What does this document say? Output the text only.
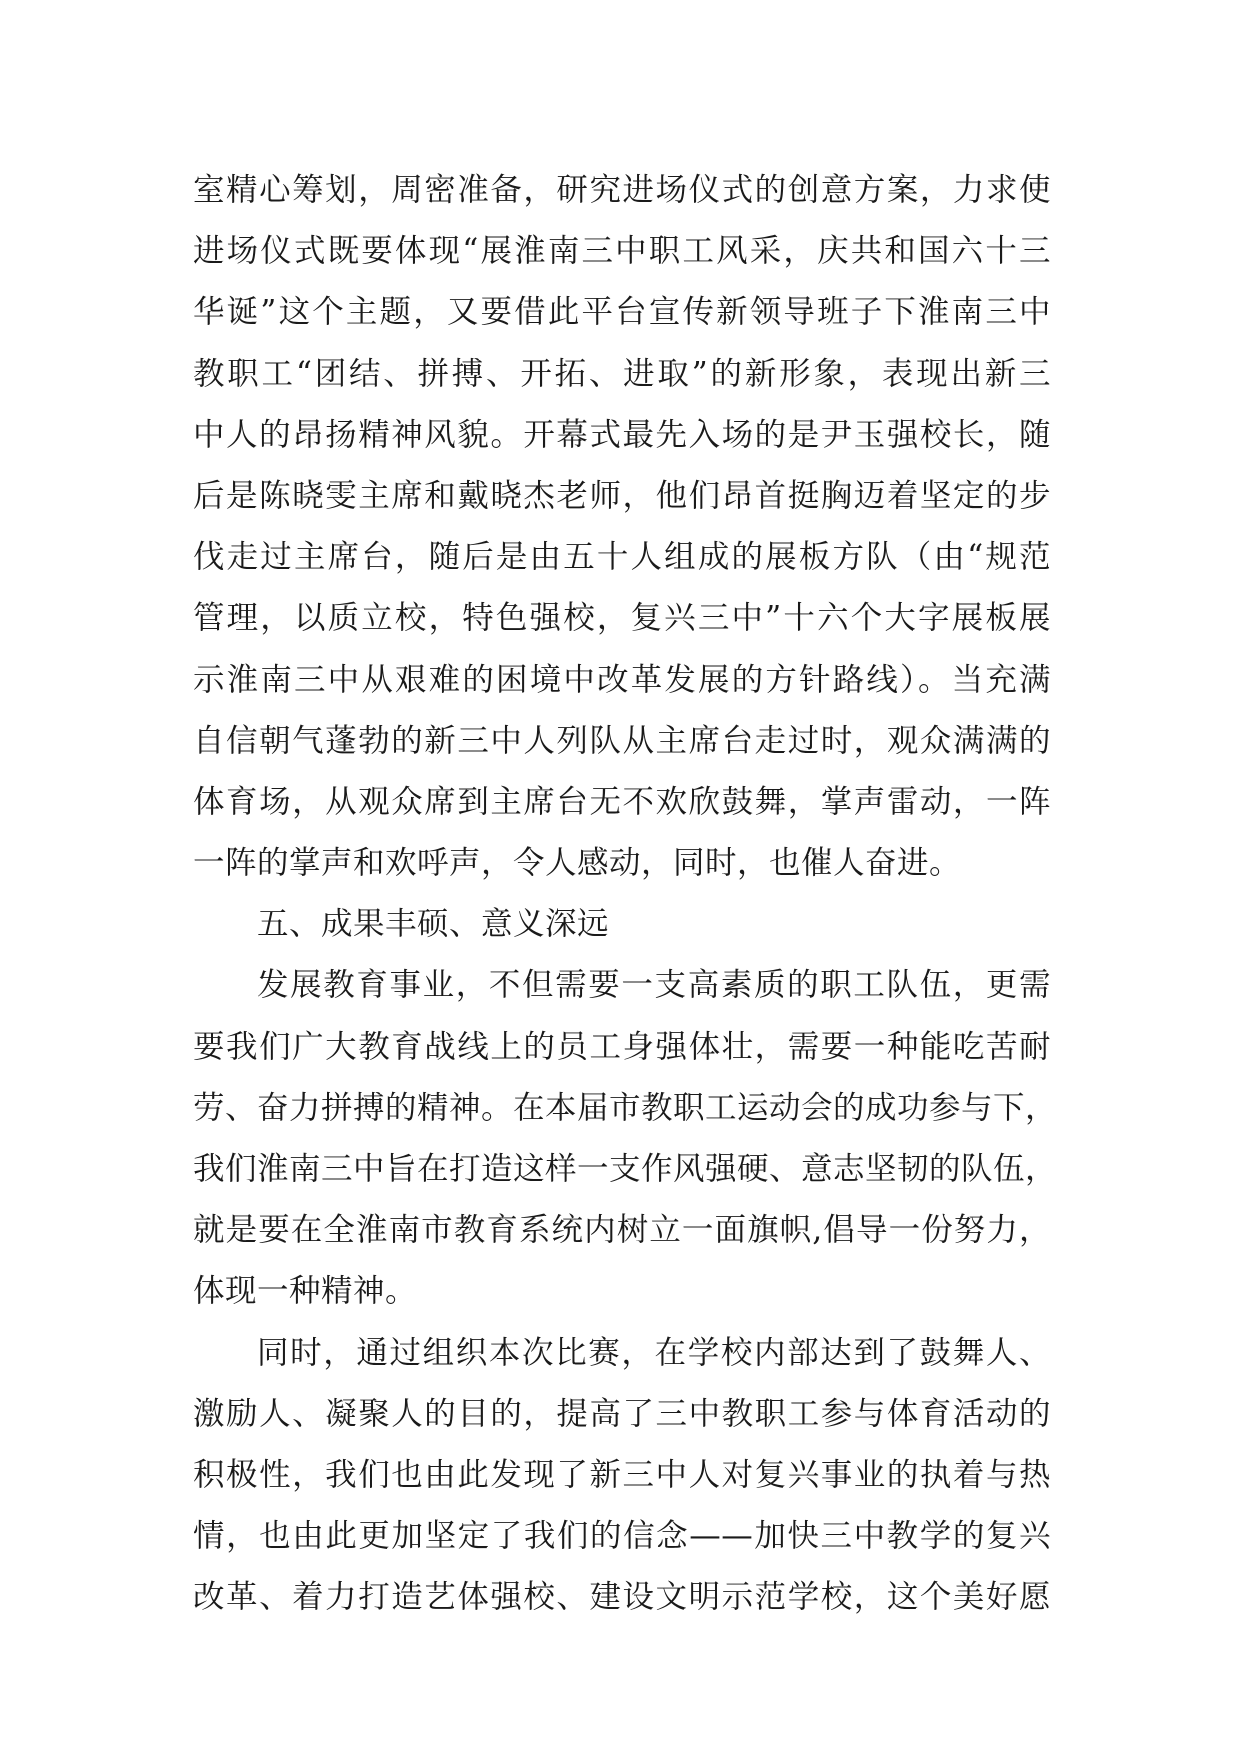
室精心筹划，周密准备，研究进场仪式的创意方案，力求使
进场仪式既要体现“展淮南三中职工风采，庆共和国六十三
华诞”这个主题，又要借此平台宣传新领导班子下淮南三中
教职工“团结、拼搏、开拓、进取”的新形象，表现出新三
中人的昂扬精神风貌。开幕式最先入场的是尹玉强校长，随
后是陈晓雯主席和戴晓杰老师，他们昂首挺胸迈着坚定的步
伐走过主席台，随后是由五十人组成的展板方队（由“规范
管理，以质立校，特色强校，复兴三中”十六个大字展板展
示淮南三中从艰难的困境中改革发展的方针路线）。当充满
自信朝气蓬勃的新三中人列队从主席台走过时，观众满满的
体育场，从观众席到主席台无不欢欣鼓舞，掌声雷动，一阵
一阵的掌声和欢呼声，令人感动，同时，也催人奋进。
五、成果丰硕、意义深远
发展教育事业，不但需要一支高素质的职工队伍，更需
要我们广大教育战线上的员工身强体壮，需要一种能吃苦耐
劳、奋力拼搏的精神。在本届市教职工运动会的成功参与下，
我们淮南三中旨在打造这样一支作风强硬、意志坚韧的队伍，
就是要在全淮南市教育系统内树立一面旗帜,倡导一份努力，
体现一种精神。
同时，通过组织本次比赛，在学校内部达到了鼓舞人、
激励人、凝聚人的目的，提高了三中教职工参与体育活动的
积极性，我们也由此发现了新三中人对复兴事业的执着与热
情，也由此更加坚定了我们的信念——加快三中教学的复兴
改革、着力打造艺体强校、建设文明示范学校，这个美好愿
